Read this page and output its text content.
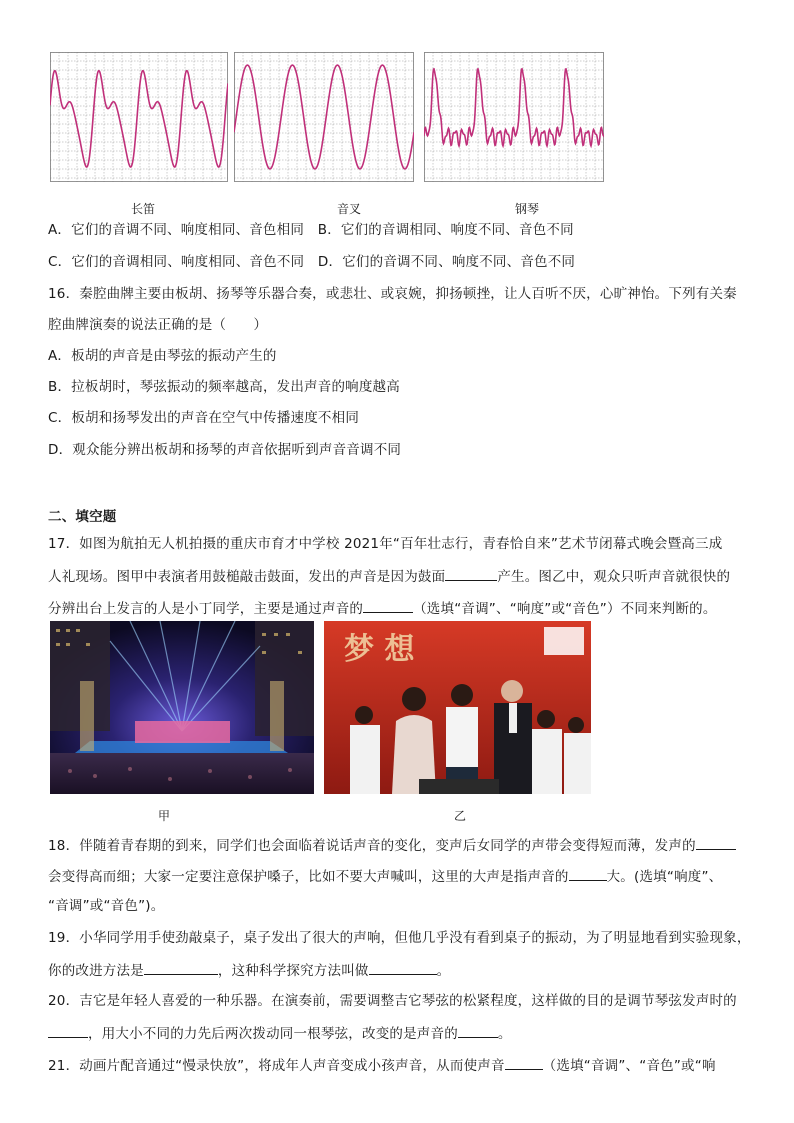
长笛	音叉	钢琴
A．它们的音调不同、响度相同、音色相同　B．它们的音调相同、响度不同、音色不同
C．它们的音调相同、响度相同、音色不同　D．它们的音调不同、响度不同、音色不同
16．秦腔曲牌主要由板胡、扬琴等乐器合奏，或悲壮、或哀婉，抑扬顿挫，让人百听不厌，心旷神怡。下列有关秦
腔曲牌演奏的说法正确的是（　　）
A．板胡的声音是由琴弦的振动产生的
B．拉板胡时，琴弦振动的频率越高，发出声音的响度越高
C．板胡和扬琴发出的声音在空气中传播速度不相同
D．观众能分辨出板胡和扬琴的声音依据听到声音音调不同
二、填空题
17．如图为航拍无人机拍摄的重庆市育才中学校 2021年“百年壮志行，青春恰自来”艺术节闭幕式晚会暨高三成
人礼现场。图甲中表演者用鼓槌敲击鼓面，发出的声音是因为鼓面	产生。图乙中，观众只听声音就很快的
分辨出台上发言的人是小丁同学，主要是通过声音的	（选填“音调”、“响度”或“音色”）不同来判断的。
梦 想
甲	乙
18．伴随着青春期的到来，同学们也会面临着说话声音的变化，变声后女同学的声带会变得短而薄，发声的
会变得高而细；大家一定要注意保护嗓子，比如不要大声喊叫，这里的大声是指声音的	大。(选填“响度”、
“音调”或“音色”)。
19．小华同学用手使劲敲桌子，桌子发出了很大的声响，但他几乎没有看到桌子的振动，为了明显地看到实验现象，
你的改进方法是	，这种科学探究方法叫做	。
20．吉它是年轻人喜爱的一种乐器。在演奏前，需要调整吉它琴弦的松紧程度，这样做的目的是调节琴弦发声时的
，用大小不同的力先后两次拨动同一根琴弦，改变的是声音的	。
21．动画片配音通过“慢录快放”，将成年人声音变成小孩声音，从而使声音	（选填“音调”、“音色”或“响
